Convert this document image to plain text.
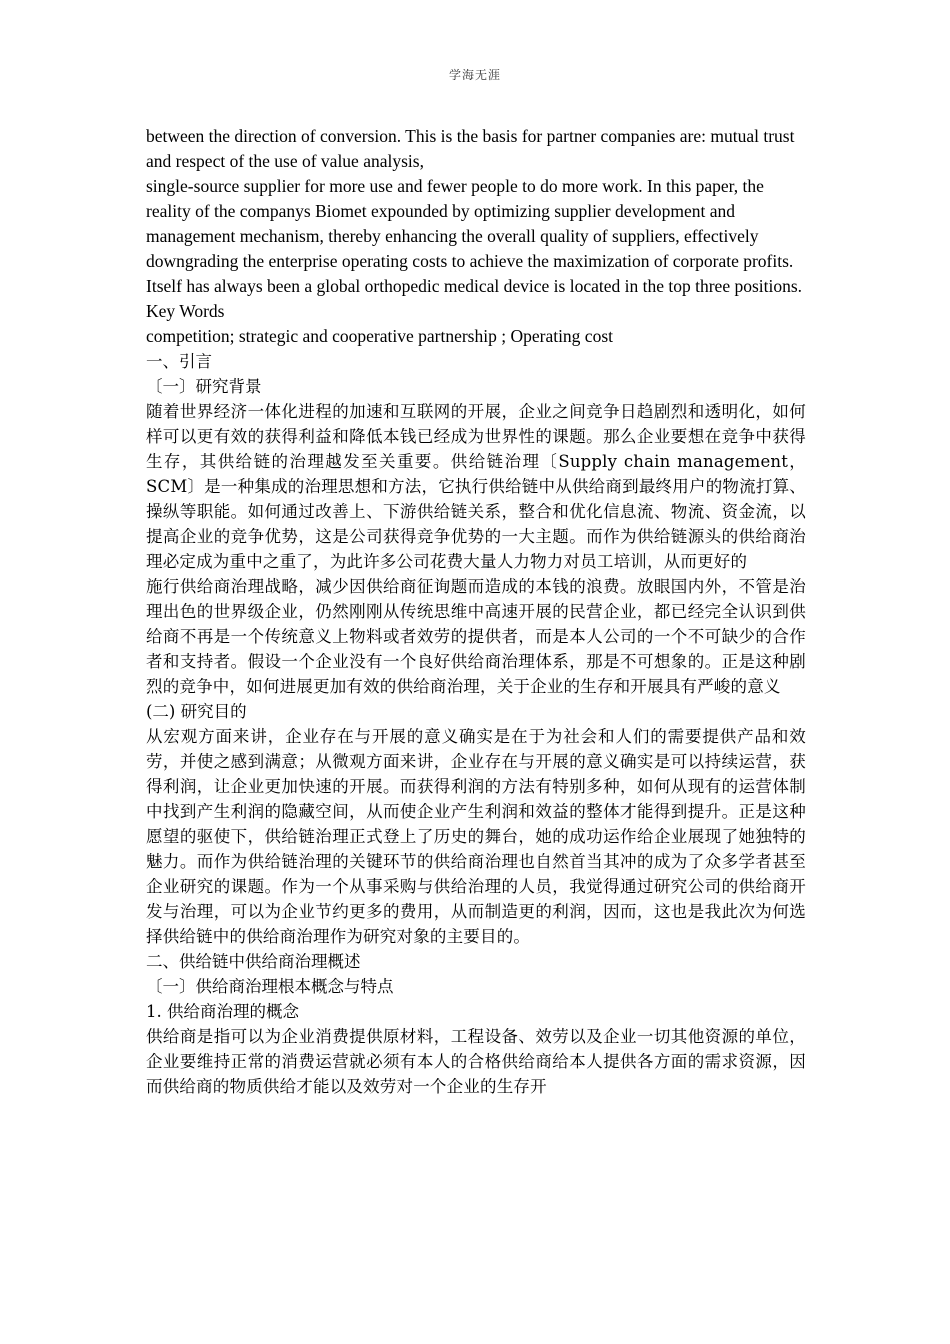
学海无涯

between the direction of conversion. This is the basis for partner companies are: mutual trust and respect of the use of value analysis,

single-source supplier for more use and fewer people to do more work. In this paper, the reality of the companys Biomet expounded by optimizing supplier development and management mechanism, thereby enhancing the overall quality of suppliers, effectively

downgrading the enterprise operating costs to achieve the maximization of corporate profits. Itself has always been a global orthopedic medical device is located in the top three positions.

Key Words

competition; strategic and cooperative partnership ; Operating cost

一、引言

〔一〕研究背景

随着世界经济一体化进程的加速和互联网的开展，企业之间竞争日趋剧烈和透明化，如何样可以更有效的获得利益和降低本钱已经成为世界性的课题。那么企业要想在竞争中获得生存，其供给链的治理越发至关重要。供给链治理〔Supply chain management，SCM〕是一种集成的治理思想和方法，它执行供给链中从供给商到最终用户的物流打算、操纵等职能。如何通过改善上、下游供给链关系，整合和优化信息流、物流、资金流，以提高企业的竞争优势，这是公司获得竞争优势的一大主题。而作为供给链源头的供给商治理必定成为重中之重了，为此许多公司花费大量人力物力对员工培训，从而更好的

施行供给商治理战略，减少因供给商征询题而造成的本钱的浪费。放眼国内外，不管是治理出色的世界级企业，仍然刚刚从传统思维中高速开展的民营企业，都已经完全认识到供给商不再是一个传统意义上物料或者效劳的提供者，而是本人公司的一个不可缺少的合作者和支持者。假设一个企业没有一个良好供给商治理体系，那是不可想象的。正是这种剧烈的竞争中，如何进展更加有效的供给商治理，关于企业的生存和开展具有严峻的意义

(二) 研究目的

从宏观方面来讲，企业存在与开展的意义确实是在于为社会和人们的需要提供产品和效劳，并使之感到满意；从微观方面来讲，企业存在与开展的意义确实是可以持续运营，获得利润，让企业更加快速的开展。而获得利润的方法有特别多种，如何从现有的运营体制中找到产生利润的隐藏空间，从而使企业产生利润和效益的整体才能得到提升。正是这种愿望的驱使下，供给链治理正式登上了历史的舞台，她的成功运作给企业展现了她独特的魅力。而作为供给链治理的关键环节的供给商治理也自然首当其冲的成为了众多学者甚至企业研究的课题。作为一个从事采购与供给治理的人员，我觉得通过研究公司的供给商开发与治理，可以为企业节约更多的费用，从而制造更的利润，因而，这也是我此次为何选择供给链中的供给商治理作为研究对象的主要目的。

二、供给链中供给商治理概述

〔一〕供给商治理根本概念与特点

1. 供给商治理的概念

供给商是指可以为企业消费提供原材料，工程设备、效劳以及企业一切其他资源的单位，企业要维持正常的消费运营就必须有本人的合格供给商给本人提供各方面的需求资源，因而供给商的物质供给才能以及效劳对一个企业的生存开
